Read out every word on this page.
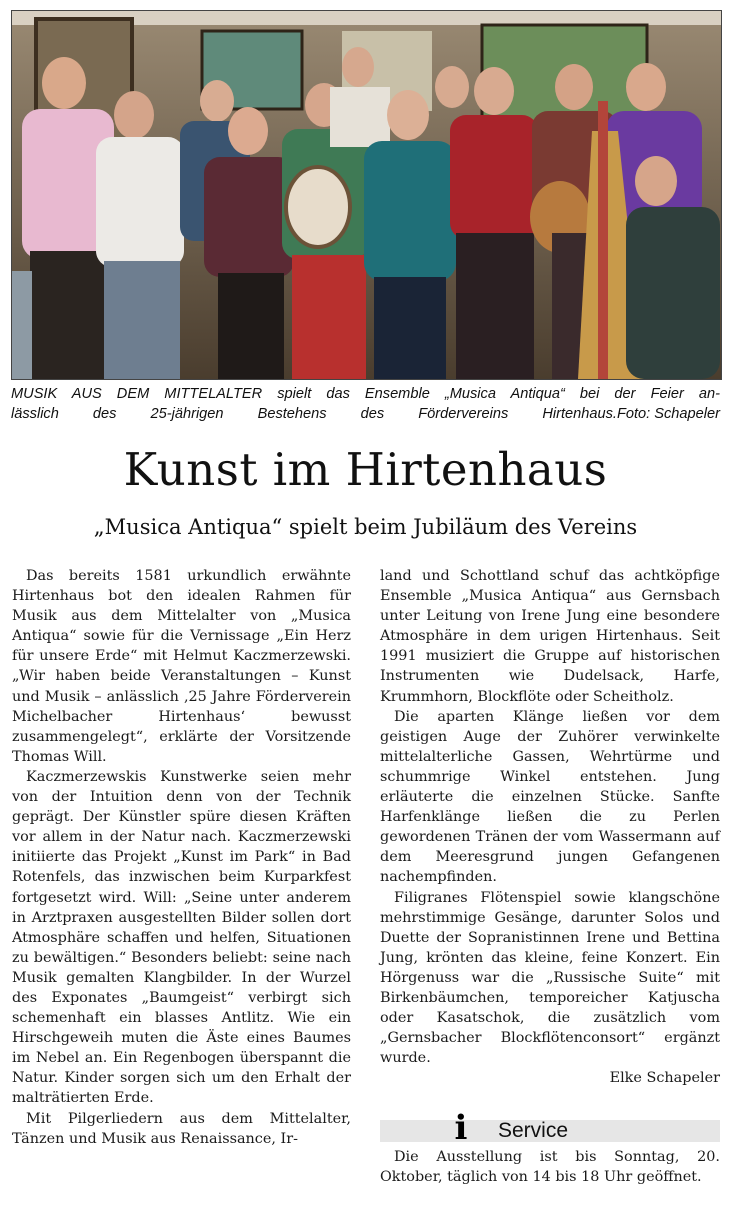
MUSIK AUS DEM MITTELALTER spielt das Ensemble „Musica Antiqua“ bei der Feier an-
lässlich des 25-jährigen Bestehens des Fördervereins Hirtenhaus. Foto: Schapeler
Kunst im Hirtenhaus
„Musica Antiqua“ spielt beim Jubiläum des Vereins

Das bereits 1581 urkundlich erwähnte Hirtenhaus bot den idealen Rahmen für Musik aus dem Mittelalter von „Musica Antiqua“ sowie für die Vernissage „Ein Herz für unsere Erde“ mit Helmut Kaczmerzewski. „Wir haben beide Veranstaltungen – Kunst und Musik – anlässlich ‚25 Jahre Förderverein Michelbacher Hirtenhaus‘ bewusst zusammengelegt“, erklärte der Vorsitzende Thomas Will.

Kaczmerzewskis Kunstwerke seien mehr von der Intuition denn von der Technik geprägt. Der Künstler spüre diesen Kräften vor allem in der Natur nach. Kaczmerzewski initiierte das Projekt „Kunst im Park“ in Bad Rotenfels, das inzwischen beim Kurparkfest fortgesetzt wird. Will: „Seine unter anderem in Arztpraxen ausgestellten Bilder sollen dort Atmosphäre schaffen und helfen, Situationen zu bewältigen.“ Besonders beliebt: seine nach Musik gemalten Klangbilder. In der Wurzel des Exponates „Baumgeist“ verbirgt sich schemenhaft ein blasses Antlitz. Wie ein Hirschgeweih muten die Äste eines Baumes im Nebel an. Ein Regenbogen überspannt die Natur. Kinder sorgen sich um den Erhalt der malträtierten Erde.

Mit Pilgerliedern aus dem Mittelalter, Tänzen und Musik aus Renaissance, Ir-

land und Schottland schuf das achtköpfige Ensemble „Musica Antiqua“ aus Gernsbach unter Leitung von Irene Jung eine besondere Atmosphäre in dem urigen Hirtenhaus. Seit 1991 musiziert die Gruppe auf historischen Instrumenten wie Dudelsack, Harfe, Krummhorn, Blockflöte oder Scheitholz.

Die aparten Klänge ließen vor dem geistigen Auge der Zuhörer verwinkelte mittelalterliche Gassen, Wehrtürme und schummrige Winkel entstehen. Jung erläuterte die einzelnen Stücke. Sanfte Harfenklänge ließen die zu Perlen gewordenen Tränen der vom Wassermann auf dem Meeresgrund jungen Gefangenen nachempfinden.

Filigranes Flötenspiel sowie klangschöne mehrstimmige Gesänge, darunter Solos und Duette der Sopranistinnen Irene und Bettina Jung, krönten das kleine, feine Konzert. Ein Hörgenuss war die „Russische Suite“ mit Birkenbäumchen, temporeicher Katjuscha oder Kasatschok, die zusätzlich vom „Gernsbacher Blockflötenconsort“ ergänzt wurde.

Elke Schapeler

i Service
Die Ausstellung ist bis Sonntag, 20. Oktober, täglich von 14 bis 18 Uhr geöffnet.
